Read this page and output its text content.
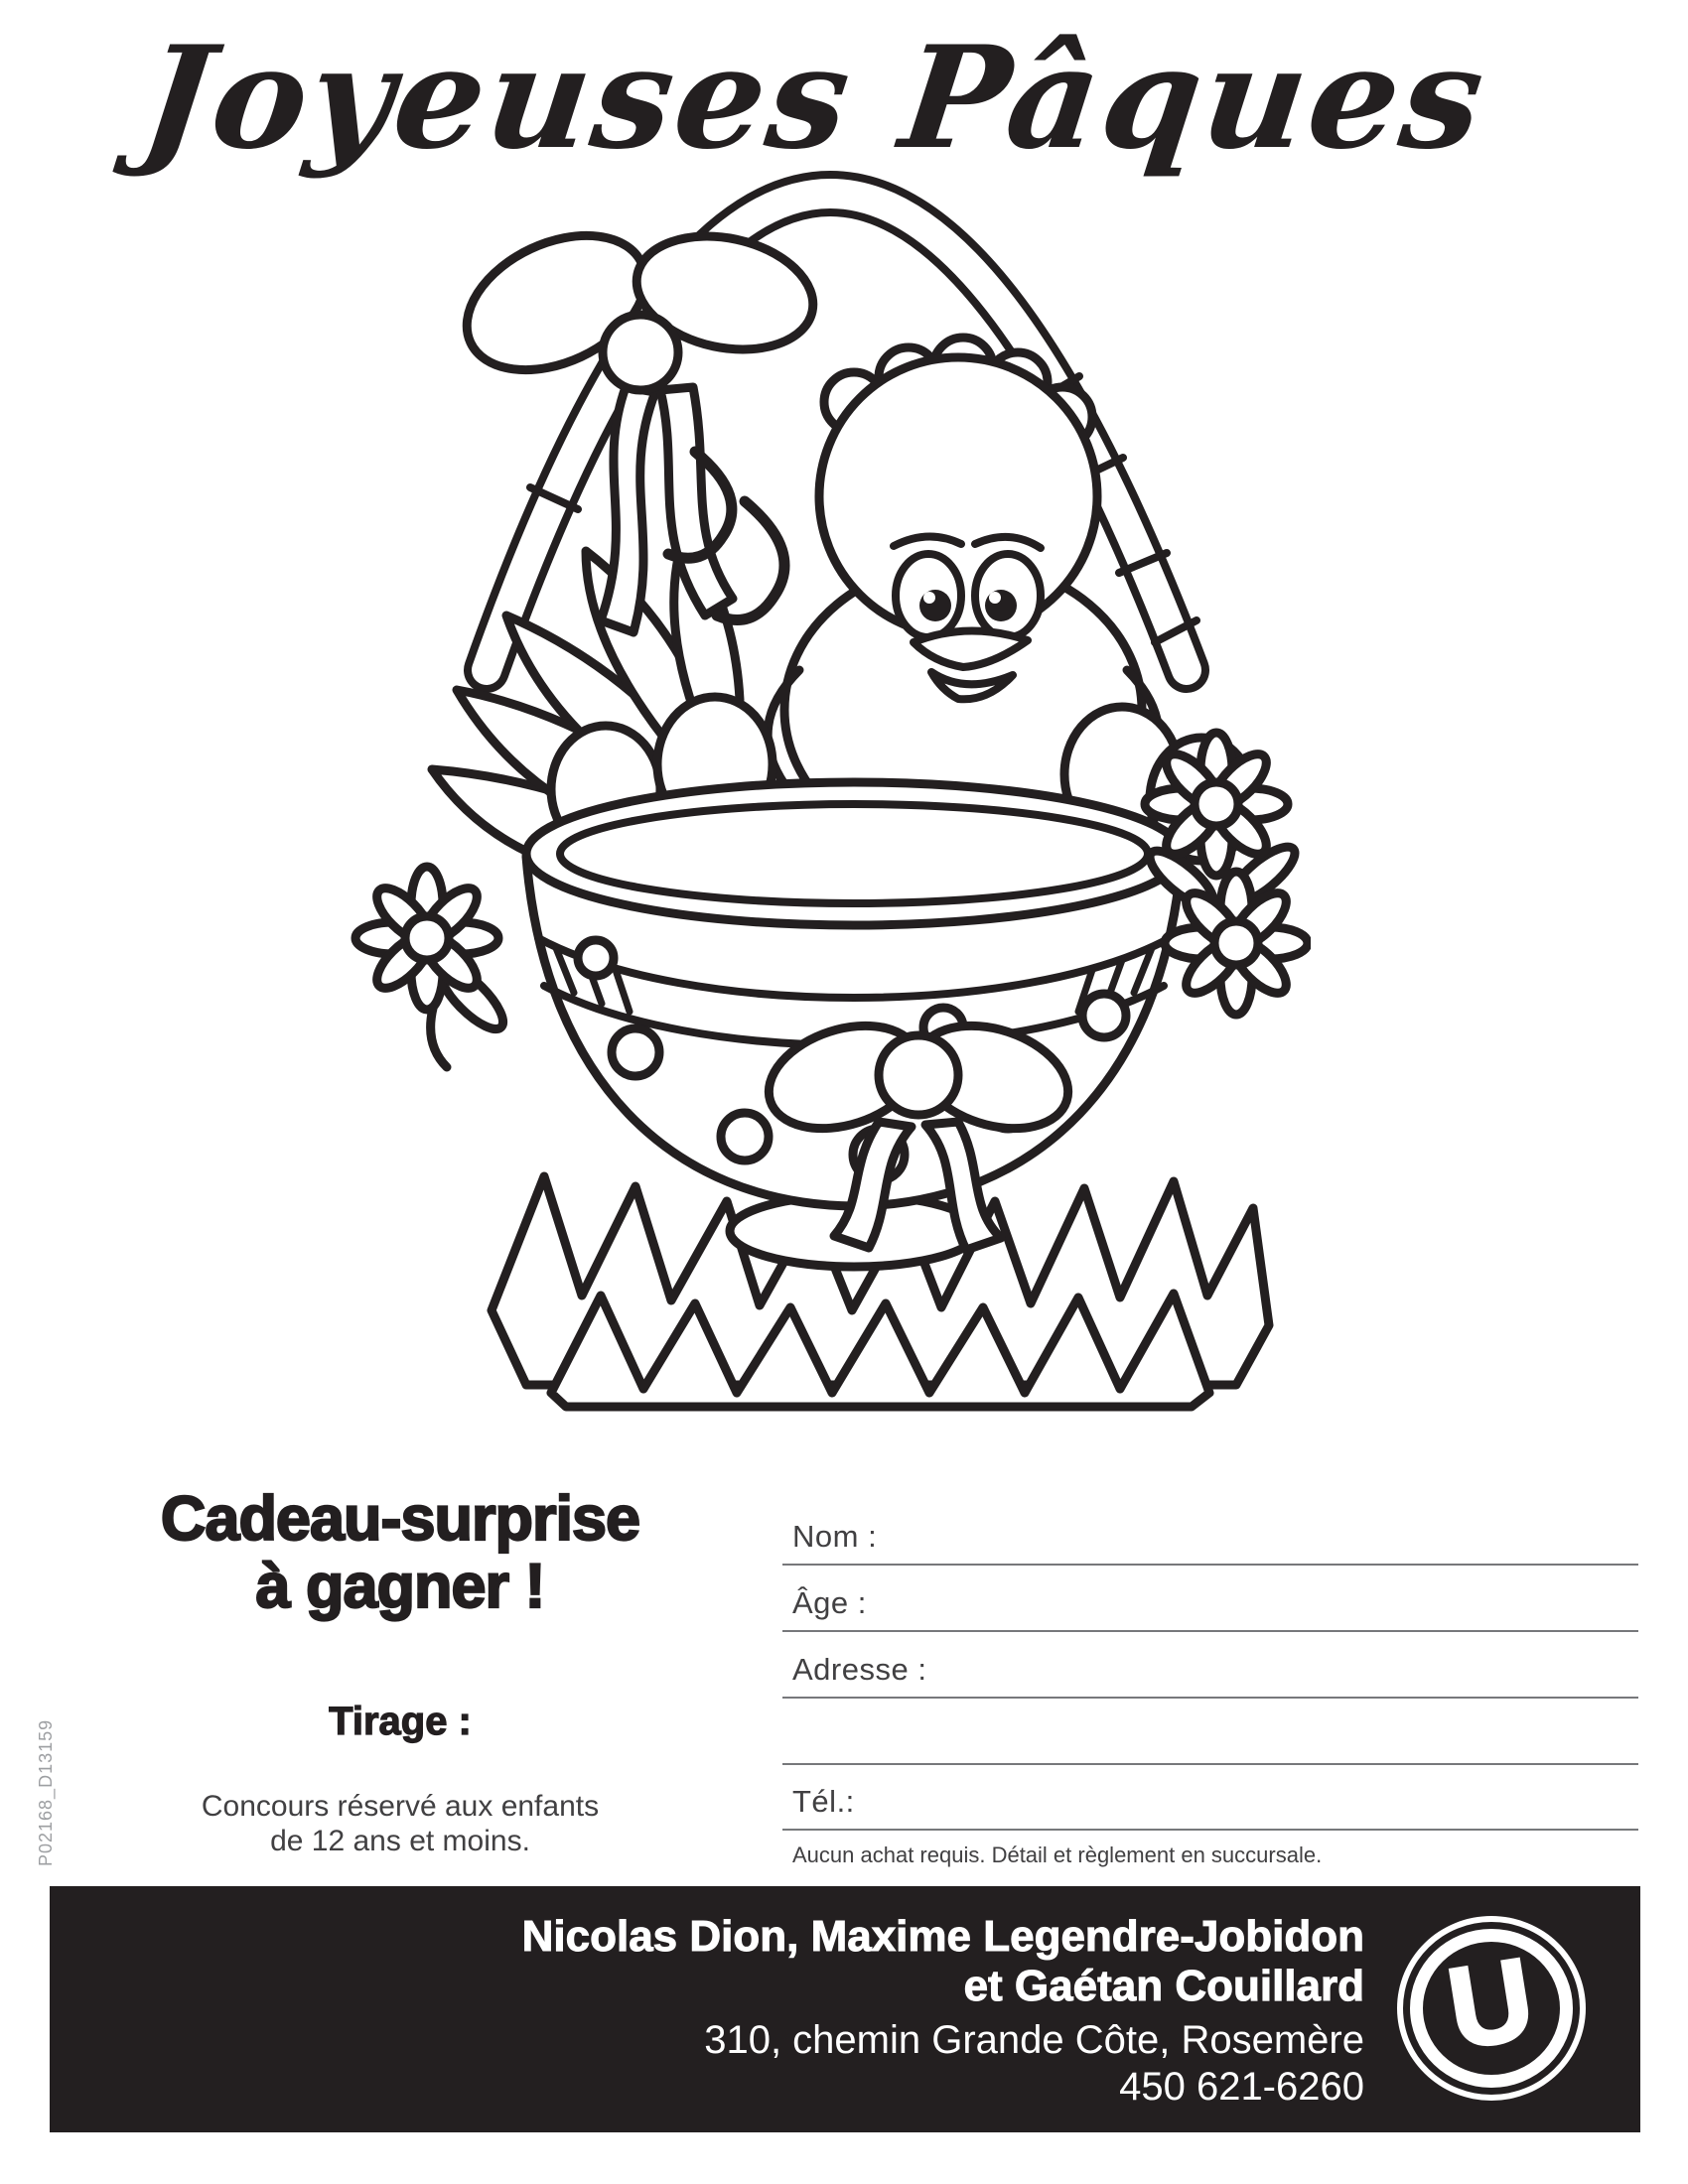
Joyeuses Pâques
Cadeau-surprise
à gagner !
Tirage :
Concours réservé aux enfants
de 12 ans et moins.
Nom :
Âge :
Adresse :
Tél.:
Aucun achat requis. Détail et règlement en succursale.
P02168_D13159
Nicolas Dion, Maxime Legendre-Jobidon
et Gaétan Couillard
310, chemin Grande Côte, Rosemère
450 621-6260
U
